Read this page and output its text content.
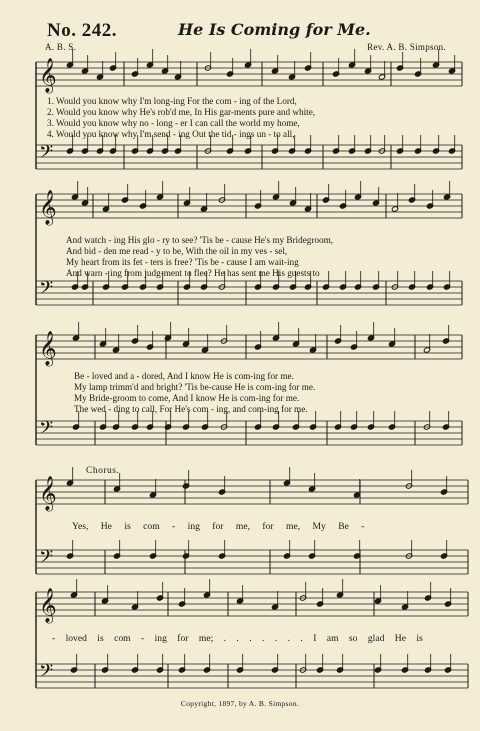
𝄞
𝄢
𝄞
𝄢
𝄞
𝄢
𝄞
𝄢
𝄞
𝄢
No. 242.	He Is Coming for Me.
A. B. S.	Rev. A. B. Simpson.
1. Would you know why I'm long-ing For the com - ing of the Lord,
2. Would you know why He's rob'd me, In His gar-ments pure and white,
3. Would you know why no - long - er I can call the world my home,
4. Would you know why I'm send - ing Out the tid - ings un - to all,
And watch - ing His glo - ry to see? 'Tis be - cause He's my Bridegroom,
And bid - den me read - y to be, With the oil in my ves - sel,
My heart from its fet - ters is free? 'Tis be - cause I am wait-ing
And warn - ing from judg-ment to flee? He has sent me His guests to
Be - loved and a - dored, And I know He is com-ing for me.
My lamp trimm'd and bright? 'Tis be-cause He is com-ing for me.
My Bride-groom to come, And I know He is com-ing for me.
The wed - ding to call, For He's com - ing, and com-ing for me.
Chorus.
Yes, He is com - ing for me, for me, My Be -
- loved is com - ing for me; . . . . . . . I am so glad He is
Copyright, 1897, by A. B. Simpson.
